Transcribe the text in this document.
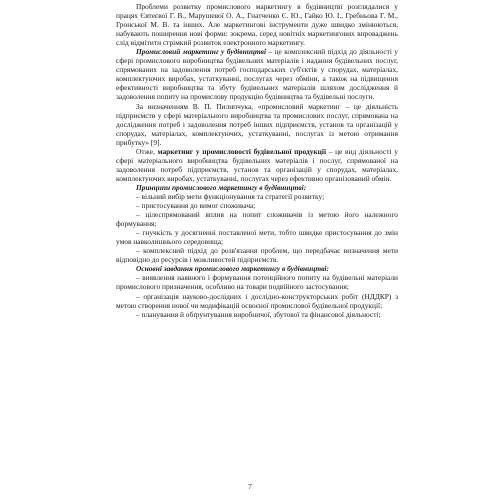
Проблеми розвитку промислового маркетингу в будівництві розглядалися у працях Євтеєвої Г. В., Марушевої О. А., Гнатченко Є. Ю., Гайко Ю. І., Гребньова Г. М., Гронської М. В. та інших. Але маркетингові інструменти дуже швидко змінюються, набувають поширення нові форми: зокрема, серед новітніх маркетингових впроваджень слід відмітити стрімкий розвиток електронного маркетингу.

Промисловий маркетинг у будівництві – це комплексний підхід до діяльності у сфері промислового виробництва будівельних матеріалів і надання будівельних послуг, спрямованих на задоволення потреб господарських суб'єктів у спорудах, матеріалах, комплектуючих виробах, устаткуванні, послугах через обміни, а також на підвищення ефективності виробництва та збуту будівельних матеріалів шляхом дослідження й задоволення попиту на промислову продукцію будівництва та будівельні послуги.

За визначенням В. П. Пилипчука, «промисловий маркетинг – це діяльність підприємств у сфері матеріального виробництва та промислових послуг, спрямована на дослідження потреб і задоволення потреб інших підприємств, установ та організацій у спорудах, матеріалах, комплектуючих, устаткуванні, послугах із метою отримання прибутку» [9].

Отже, маркетинг у промисловості будівельної продукції – це вид діяльності у сфері матеріального виробництва будівельних матеріалів і послуг, спрямованої на задоволення потреб підприємств, установ та організацій у спорудах, матеріалах, комплектуючих виробах, устаткуванні, послугах через ефективно організований обмін.

Принципи промислового маркетингу в будівництві:

– вільний вибір мети функціонування та стратегії розвитку;

– пристосування до вимог споживача;

– цілеспрямований вплив на попит споживачів із метою його належного формування;

– гнучкість у досягненні поставленої мети, тобто швидке пристосування до змін умов навколишнього середовища;

– комплексний підхід до розв'язання проблем, що передбачає визначення мети відповідно до ресурсів і можливостей підприємств.

Основні завдання промислового маркетингу в будівництві:

– виявлення наявного і формування потенційного попиту на будівельні матеріали промислового призначення, особливо на товари подвійного застосування;

– організація науково-дослідних і дослідно-конструкторських робіт (НДДКР) з метою створення нової чи модифікацій освоєної промислової будівельної продукції;

– планування й обґрунтування виробничої, збутової та фінансової діяльності;

7
